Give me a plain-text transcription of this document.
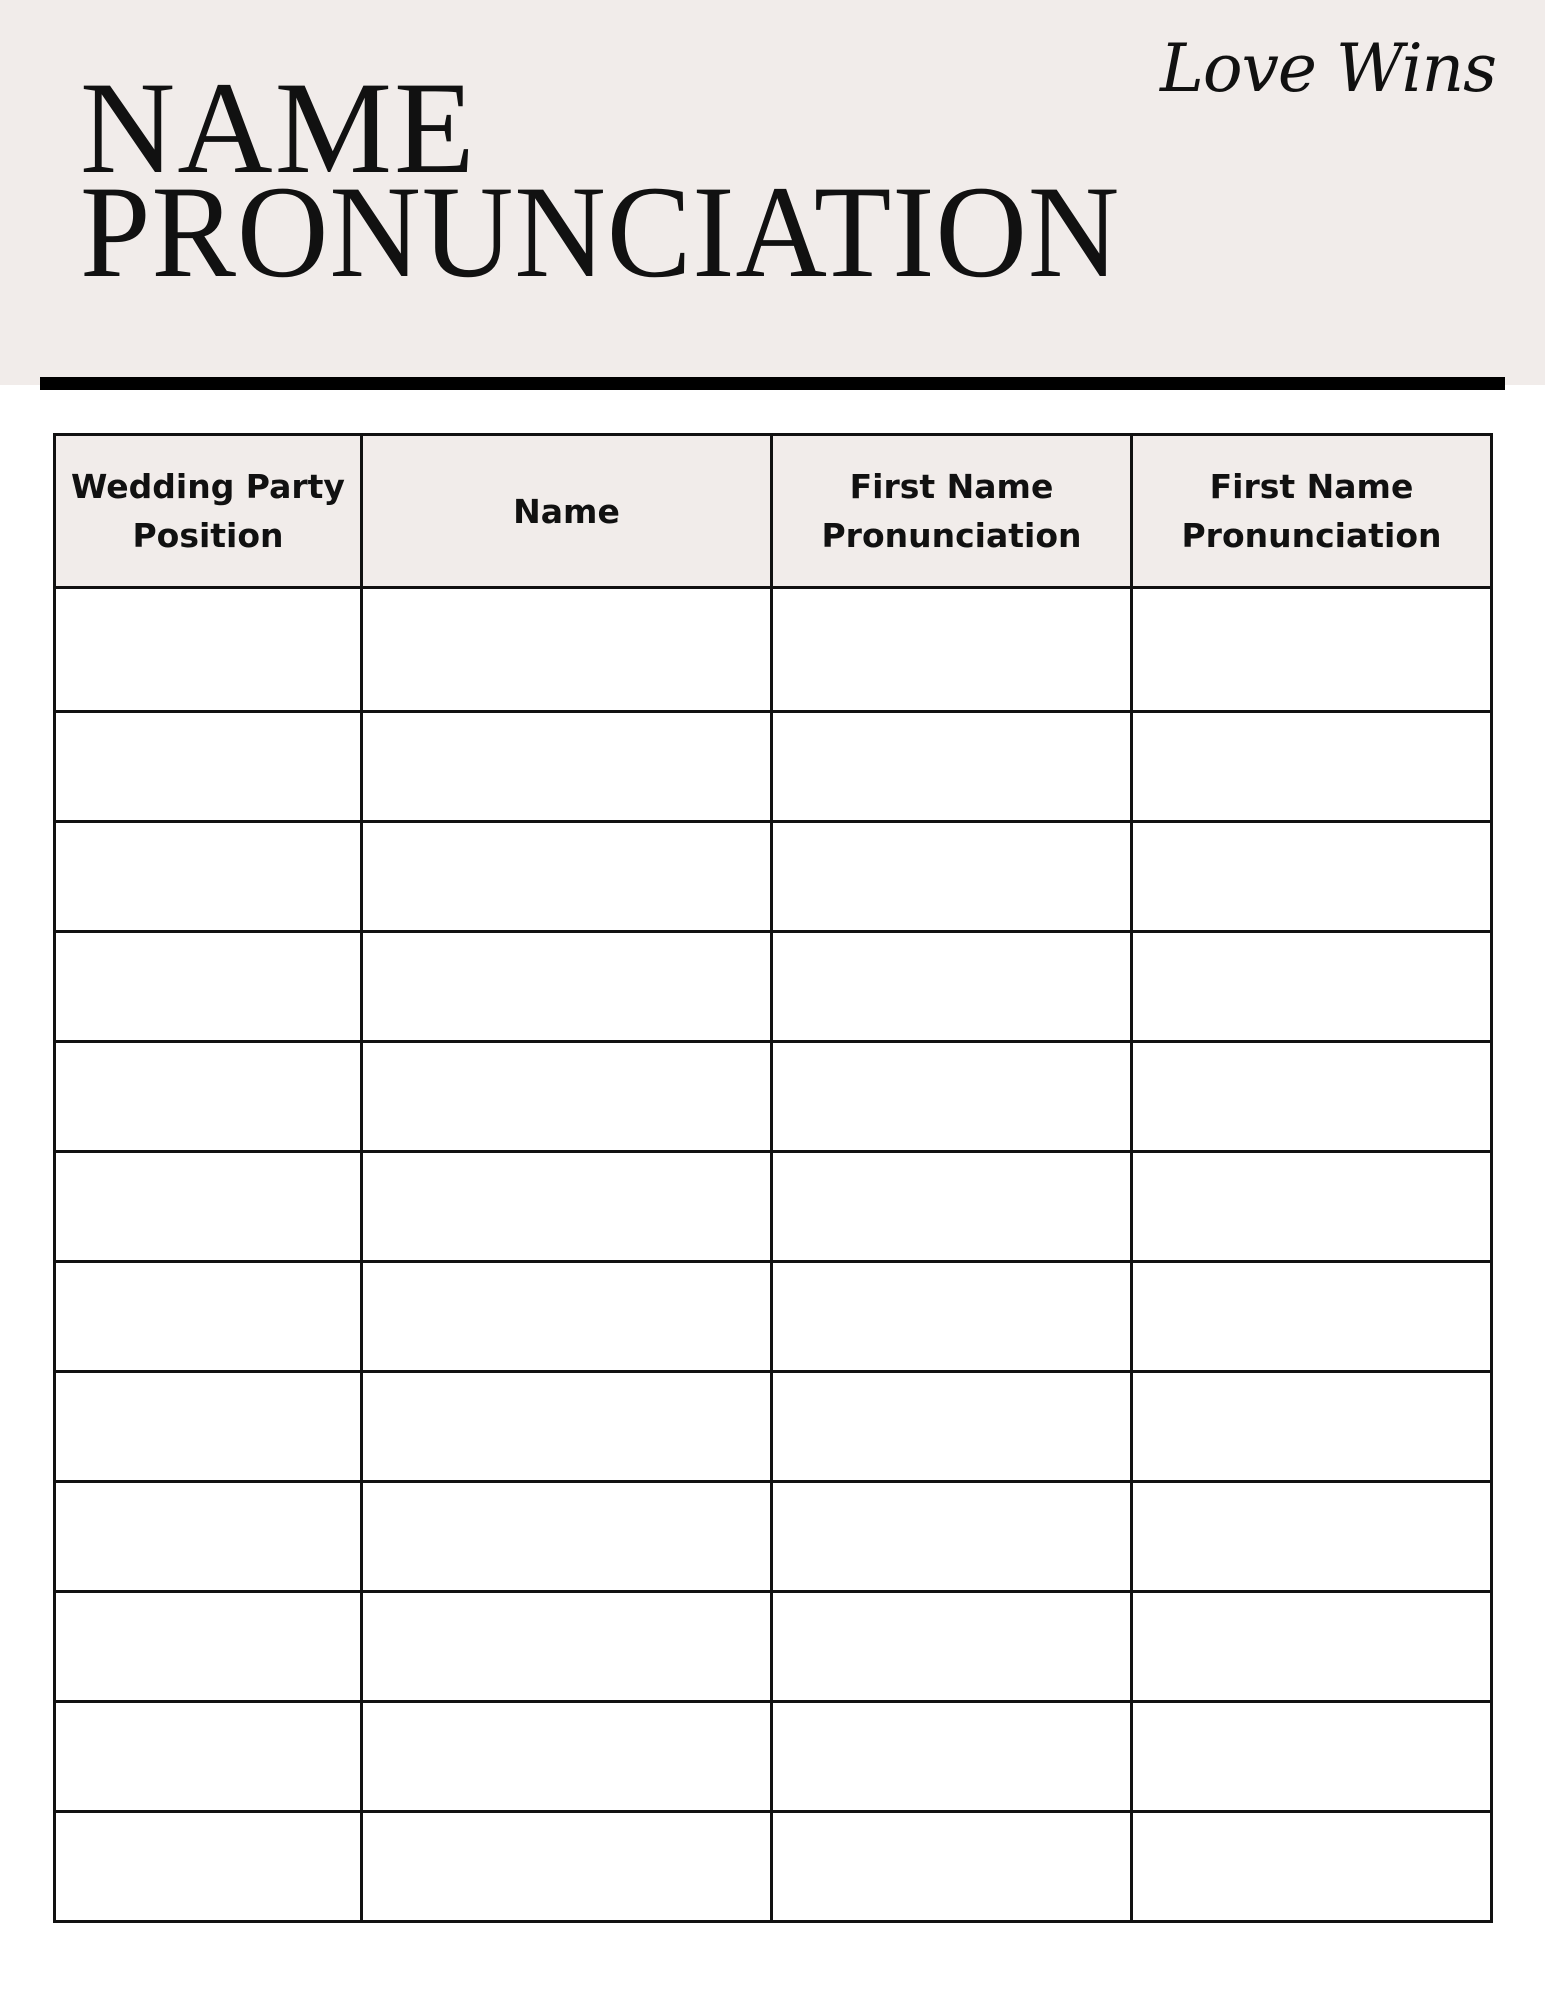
NAME
PRONUNCIATION
Love Wins
Wedding Party Position	Name	First Name Pronunciation	First Name Pronunciation
